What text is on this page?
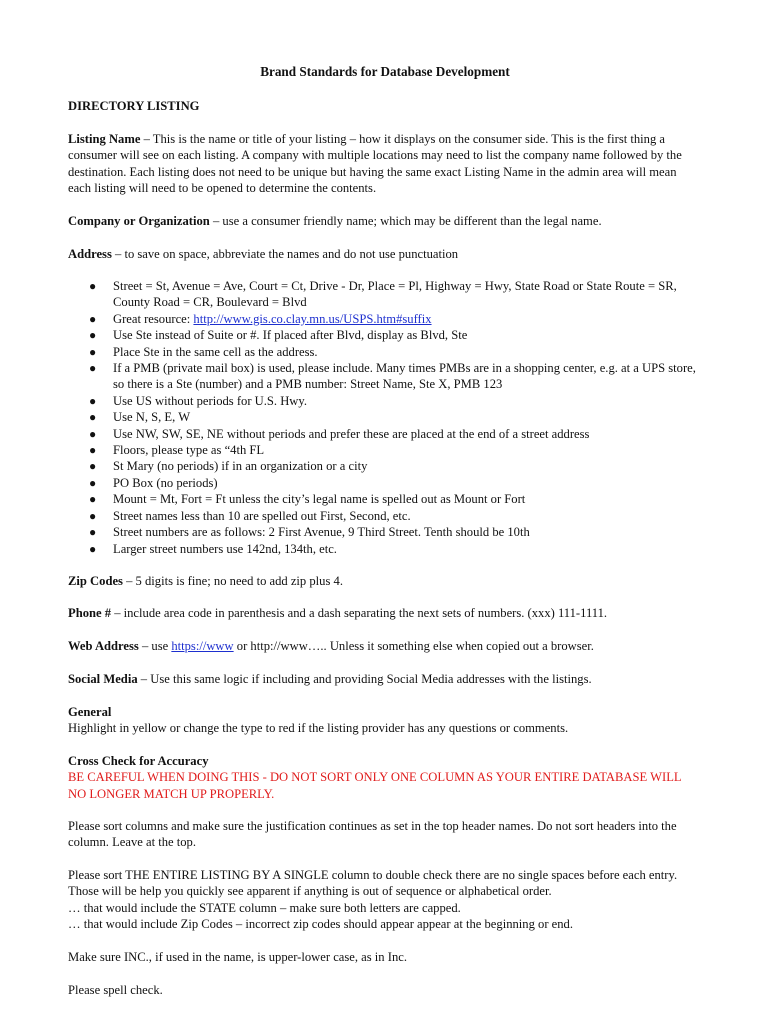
Brand Standards for Database Development
DIRECTORY LISTING
Listing Name – This is the name or title of your listing – how it displays on the consumer side. This is the first thing a consumer will see on each listing. A company with multiple locations may need to list the company name followed by the destination. Each listing does not need to be unique but having the same exact Listing Name in the admin area will mean each listing will need to be opened to determine the contents.
Company or Organization – use a consumer friendly name; which may be different than the legal name.
Address – to save on space, abbreviate the names and do not use punctuation
● Street = St, Avenue = Ave, Court = Ct, Drive - Dr, Place = Pl, Highway = Hwy, State Road or State Route = SR, County Road = CR, Boulevard = Blvd
● Great resource: http://www.gis.co.clay.mn.us/USPS.htm#suffix
● Use Ste instead of Suite or #. If placed after Blvd, display as Blvd, Ste
● Place Ste in the same cell as the address.
● If a PMB (private mail box) is used, please include. Many times PMBs are in a shopping center, e.g. at a UPS store, so there is a Ste (number) and a PMB number: Street Name, Ste X, PMB 123
● Use US without periods for U.S. Hwy.
● Use N, S, E, W
● Use NW, SW, SE, NE without periods and prefer these are placed at the end of a street address
● Floors, please type as “4th FL
● St Mary (no periods) if in an organization or a city
● PO Box (no periods)
● Mount = Mt, Fort = Ft unless the city’s legal name is spelled out as Mount or Fort
● Street names less than 10 are spelled out First, Second, etc.
● Street numbers are as follows: 2 First Avenue, 9 Third Street. Tenth should be 10th
● Larger street numbers use 142nd, 134th, etc.
Zip Codes – 5 digits is fine; no need to add zip plus 4.
Phone # – include area code in parenthesis and a dash separating the next sets of numbers. (xxx) 111-1111.
Web Address – use https://www or http://www….. Unless it something else when copied out a browser.
Social Media – Use this same logic if including and providing Social Media addresses with the listings.
General
Highlight in yellow or change the type to red if the listing provider has any questions or comments.
Cross Check for Accuracy
BE CAREFUL WHEN DOING THIS - DO NOT SORT ONLY ONE COLUMN AS YOUR ENTIRE DATABASE WILL NO LONGER MATCH UP PROPERLY.
Please sort columns and make sure the justification continues as set in the top header names. Do not sort headers into the column. Leave at the top.
Please sort THE ENTIRE LISTING BY A SINGLE column to double check there are no single spaces before each entry. Those will be help you quickly see apparent if anything is out of sequence or alphabetical order.
… that would include the STATE column – make sure both letters are capped.
… that would include Zip Codes – incorrect zip codes should appear appear at the beginning or end.
Make sure INC., if used in the name, is upper-lower case, as in Inc.
Please spell check.
